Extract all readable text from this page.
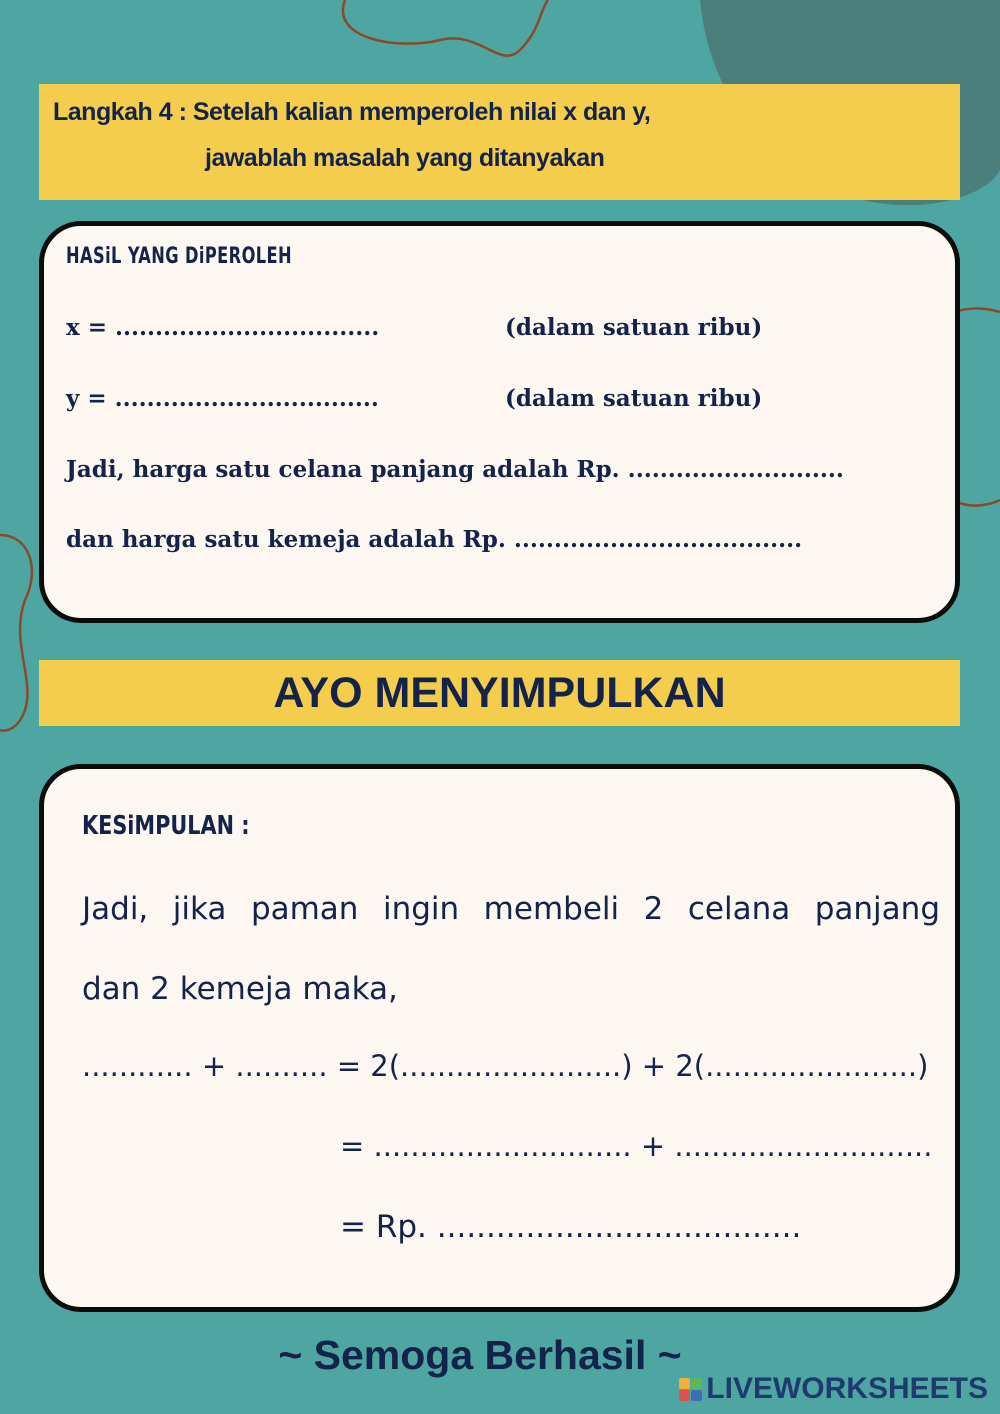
Langkah 4 : Setelah kalian memperoleh nilai x dan y,
jawablah masalah yang ditanyakan
HASiL YANG DiPEROLEH
x = .................................	(dalam satuan ribu)
y = .................................	(dalam satuan ribu)
Jadi, harga satu celana panjang adalah Rp. ...........................
dan harga satu kemeja adalah Rp. ....................................
AYO MENYIMPULKAN
KESiMPULAN :
Jadi, jika paman ingin membeli 2 celana panjang
dan 2 kemeja maka,
............ + .......... = 2(........................) + 2(.......................)
= ............................ + ............................
= Rp. .....................................
~ Semoga Berhasil ~
LIVEWORKSHEETS
